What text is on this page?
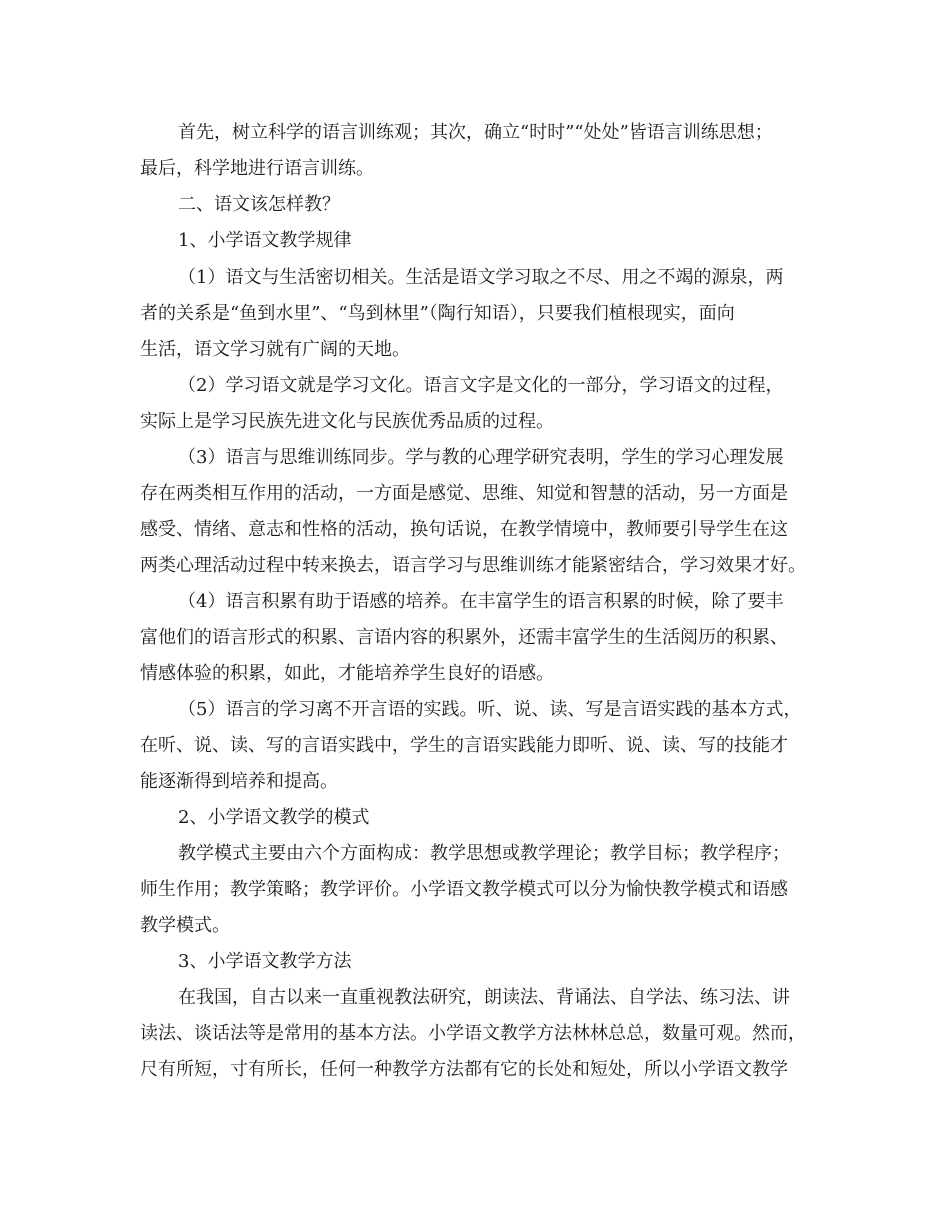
首先，树立科学的语言训练观；其次，确立“时时”“处处”皆语言训练思想；
最后，科学地进行语言训练。
二、语文该怎样教？
1、小学语文教学规律
（1）语文与生活密切相关。生活是语文学习取之不尽、用之不竭的源泉，两
者的关系是“鱼到水里”、“鸟到林里”（陶行知语），只要我们植根现实，面向
生活，语文学习就有广阔的天地。
（2）学习语文就是学习文化。语言文字是文化的一部分，学习语文的过程，
实际上是学习民族先进文化与民族优秀品质的过程。
（3）语言与思维训练同步。学与教的心理学研究表明，学生的学习心理发展
存在两类相互作用的活动，一方面是感觉、思维、知觉和智慧的活动，另一方面是
感受、情绪、意志和性格的活动，换句话说，在教学情境中，教师要引导学生在这
两类心理活动过程中转来换去，语言学习与思维训练才能紧密结合，学习效果才好。
（4）语言积累有助于语感的培养。在丰富学生的语言积累的时候，除了要丰
富他们的语言形式的积累、言语内容的积累外，还需丰富学生的生活阅历的积累、
情感体验的积累，如此，才能培养学生良好的语感。
（5）语言的学习离不开言语的实践。听、说、读、写是言语实践的基本方式，
在听、说、读、写的言语实践中，学生的言语实践能力即听、说、读、写的技能才
能逐渐得到培养和提高。
2、小学语文教学的模式
教学模式主要由六个方面构成：教学思想或教学理论；教学目标；教学程序；
师生作用；教学策略；教学评价。小学语文教学模式可以分为愉快教学模式和语感
教学模式。
3、小学语文教学方法
在我国，自古以来一直重视教法研究，朗读法、背诵法、自学法、练习法、讲
读法、谈话法等是常用的基本方法。小学语文教学方法林林总总，数量可观。然而，
尺有所短，寸有所长，任何一种教学方法都有它的长处和短处，所以小学语文教学
